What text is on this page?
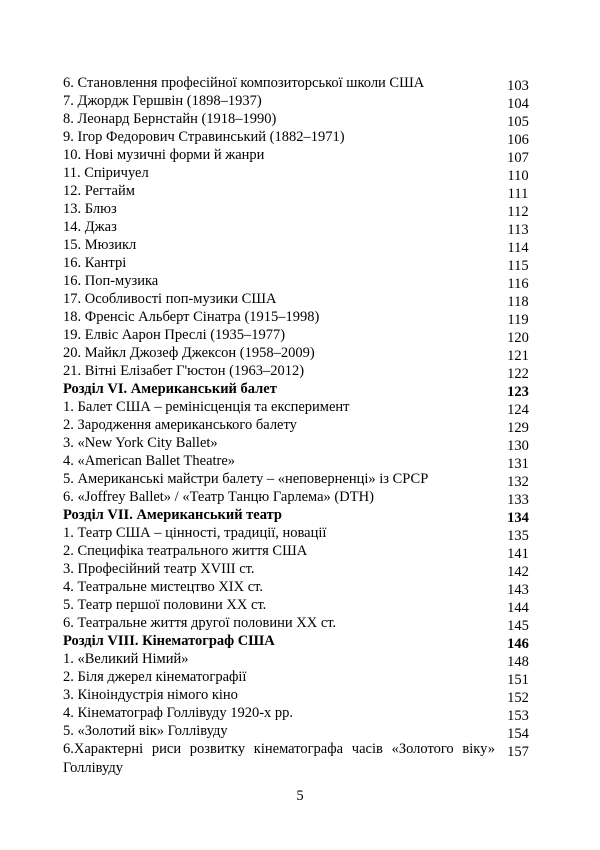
6. Становлення професійної композиторської школи США	103
7. Джордж Гершвін (1898–1937)	104
8. Леонард Бернстайн (1918–1990)	105
9. Ігор Федорович Стравинський (1882–1971)	106
10. Нові музичні форми й жанри	107
11. Спіричуел	110
12. Регтайм	111
13. Блюз	112
14. Джаз	113
15. Мюзикл	114
16. Кантрі	115
16. Поп-музика	116
17. Особливості поп-музики США	118
18. Френсіс Альберт Сінатра (1915–1998)	119
19. Елвіс Аарон Преслі (1935–1977)	120
20. Майкл Джозеф Джексон (1958–2009)	121
21. Вітні Елізабет Г'юстон (1963–2012)	122
Розділ VI. Американський балет	123
1. Балет США – ремінісценція та експеримент	124
2. Зародження американського балету	129
3. «New York City Ballet»	130
4. «American Ballet Theatre»	131
5. Американські майстри балету – «неповерненці» із СРСР	132
6. «Joffrey Ballet» / «Театр Танцю Гарлема» (DTH)	133
Розділ VII. Американський театр	134
1. Театр США – цінності, традиції, новації	135
2. Специфіка театрального життя США	141
3. Професійний театр XVIII ст.	142
4. Театральне мистецтво XIX ст.	143
5. Театр першої половини XX ст.	144
6. Театральне життя другої половини XX ст.	145
Розділ VIII. Кінематограф США	146
1. «Великий Німий»	148
2. Біля джерел кінематографії	151
3. Кіноіндустрія німого кіно	152
4. Кінематограф Голлівуду 1920-х рр.	153
5. «Золотий вік» Голлівуду	154
6.Характерні риси розвитку кінематографа часів «Золотого віку» Голлівуду
157
5
